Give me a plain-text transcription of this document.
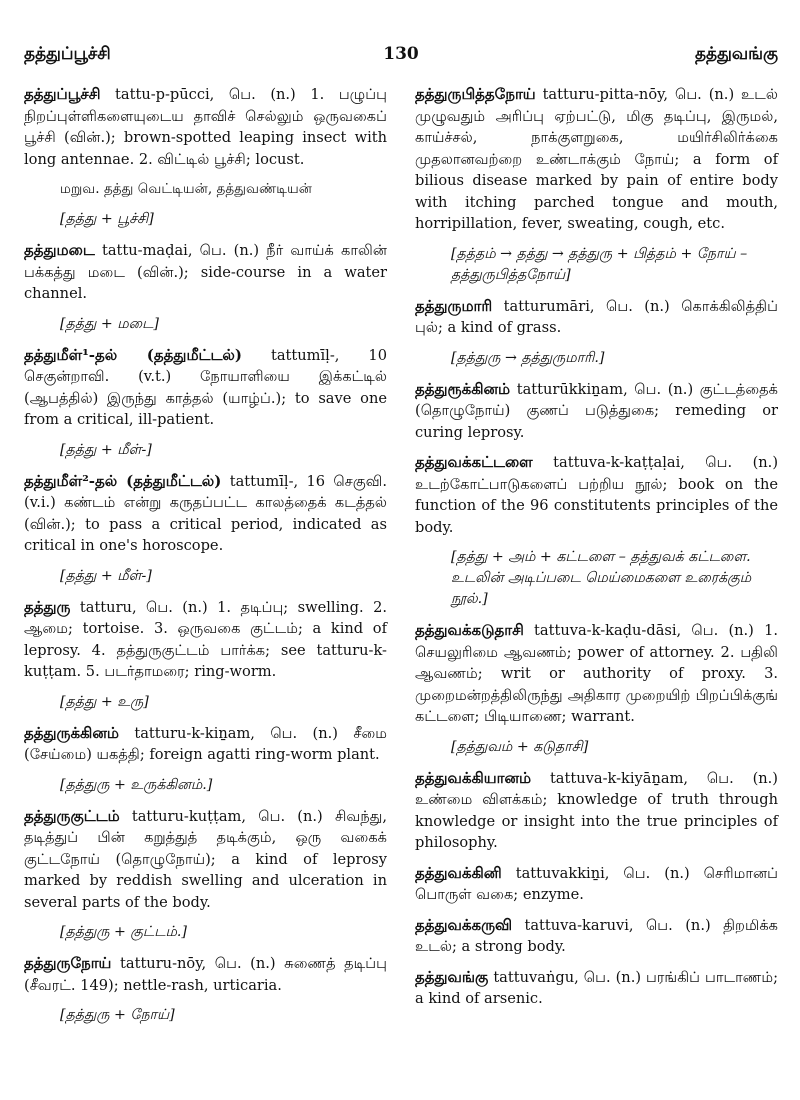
தத்துப்பூச்சி	130	தத்துவங்கு

தத்துப்பூச்சி tattu-p-pūcci, பெ. (n.) 1. பழுப்பு நிறப்புள்ளிகளையுடைய தாவிச் செல்லும் ஒருவகைப் பூச்சி (வின்.); brown-spotted leaping insect with long antennae. 2. விட்டில் பூச்சி; locust.

மறுவ. தத்து வெட்டியன், தத்துவண்டியன்
[தத்து + பூச்சி]

தத்துமடை tattu-maḍai, பெ. (n.) நீர் வாய்க் காலின் பக்கத்து மடை (வின்.); side-course in a water channel.

[தத்து + மடை]

தத்துமீள்¹-தல் (தத்துமீட்டல்) tattumīḷ-, 10 செகுன்றாவி. (v.t.) நோயாளியை இக்கட்டில் (ஆபத்தில்) இருந்து காத்தல் (யாழ்ப்.); to save one from a critical, ill-patient.

[தத்து + மீள்-]

தத்துமீள்²-தல் (தத்துமீட்டல்) tattumīḷ-, 16 செகுவி. (v.i.) கண்டம் என்று கருதப்பட்ட காலத்தைக் கடத்தல் (வின்.); to pass a critical period, indicated as critical in one's horoscope.

[தத்து + மீள்-]

தத்துரு tatturu, பெ. (n.) 1. தடிப்பு; swelling. 2. ஆமை; tortoise. 3. ஒருவகை குட்டம்; a kind of leprosy. 4. தத்துருகுட்டம் பார்க்க; see tatturu-k-kuṭṭam. 5. படர்தாமரை; ring-worm.

[தத்து + உரு]

தத்துருக்கினம் tatturu-k-kiṉam, பெ. (n.) சீமை (சேய்மை) யகத்தி; foreign agatti ring-worm plant.

[தத்துரு + உருக்கினம்.]

தத்துருகுட்டம் tatturu-kuṭṭam, பெ. (n.) சிவந்து, தடித்துப் பின் கறுத்துத் தடிக்கும், ஒரு வகைக் குட்டநோய் (தொழுநோய்); a kind of leprosy marked by reddish swelling and ulceration in several parts of the body.

[தத்துரு + குட்டம்.]

தத்துருநோய் tatturu-nōy, பெ. (n.) சுணைத் தடிப்பு (சீவரட். 149); nettle-rash, urticaria.

[தத்துரு + நோய்]

தத்துருபித்தநோய் tatturu-pitta-nōy, பெ. (n.) உடல் முழுவதும் அரிப்பு ஏற்பட்டு, மிகு தடிப்பு, இருமல், காய்ச்சல், நாக்குளறுகை, மயிர்சிலிர்க்கை முதலானவற்றை உண்டாக்கும் நோய்; a form of bilious disease marked by pain of entire body with itching parched tongue and mouth, horripillation, fever, sweating, cough, etc.

[தத்தம் → தத்து → தத்துரு + பித்தம் + நோய் – தத்துருபித்தநோய்]

தத்துருமாரி tatturumāri, பெ. (n.) கொக்கிலித்திப் புல்; a kind of grass.

[தத்துரு → தத்துருமாரி.]

தத்துரூக்கினம் tatturūkkiṉam, பெ. (n.) குட்டத்தைக் (தொழுநோய்) குணப் படுத்துகை; remeding or curing leprosy.

தத்துவக்கட்டளை tattuva-k-kaṭṭaḷai, பெ. (n.) உடற்கோட்பாடுகளைப் பற்றிய நூல்; book on the function of the 96 constitutents principles of the body.

[தத்து + அம் + கட்டளை – தத்துவக் கட்டளை. உடலின் அடிப்படை மெய்மைகளை உரைக்கும் நூல்.]

தத்துவக்கடுதாசி tattuva-k-kaḍu-dāsi, பெ. (n.) 1. செயலுரிமை ஆவணம்; power of attorney. 2. பதிலி ஆவணம்; writ or authority of proxy. 3. முறைமன்றத்திலிருந்து அதிகார முறையிற் பிறப்பிக்குங் கட்டளை; பிடியாணை; warrant.

[தத்துவம் + கடுதாசி]

தத்துவக்கியானம் tattuva-k-kiyāṉam, பெ. (n.) உண்மை விளக்கம்; knowledge of truth through knowledge or insight into the true principles of philosophy.

தத்துவக்கினி tattuvakkiṉi, பெ. (n.) செரிமானப் பொருள் வகை; enzyme.

தத்துவக்கருவி tattuva-karuvi, பெ. (n.) திறமிக்க உடல்; a strong body.

தத்துவங்கு tattuvaṅgu, பெ. (n.) பரங்கிப் பாடாணம்; a kind of arsenic.
